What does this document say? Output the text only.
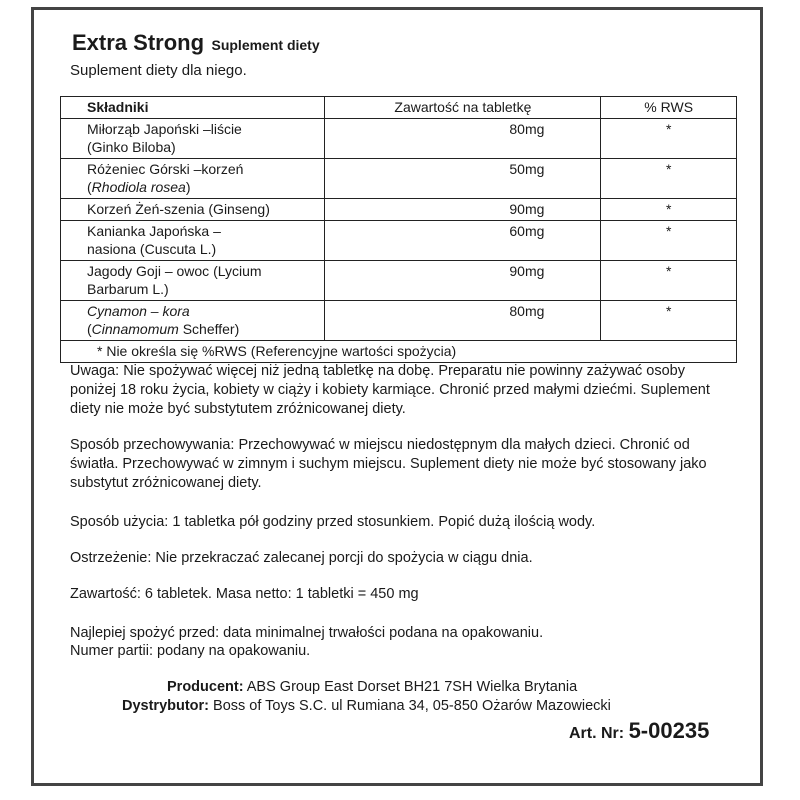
Extra Strong Suplement diety
Suplement diety dla niego.
Składniki	Zawartość na tabletkę	% RWS

Miłorząb Japoński –liście
(Ginko Biloba)	80mg	*

Różeniec Górski –korzeń
(Rhodiola rosea)	50mg	*

Korzeń Żeń-szenia (Ginseng)	90mg	*

Kanianka Japońska –
nasiona (Cuscuta L.)	60mg	*

Jagody Goji – owoc (Lycium
Barbarum L.)	90mg	*

Cynamon – kora
(Cinnamomum Scheffer)	80mg	*
* Nie określa się %RWS (Referencyjne wartości spożycia)		
Uwaga: Nie spożywać więcej niż jedną tabletkę na dobę. Preparatu nie powinny zażywać osoby poniżej 18 roku życia, kobiety w ciąży i kobiety karmiące. Chronić przed małymi dziećmi. Suplement diety nie może być substytutem zróżnicowanej diety.
Sposób przechowywania: Przechowywać w miejscu niedostępnym dla małych dzieci. Chronić od światła. Przechowywać w zimnym i suchym miejscu. Suplement diety nie może być stosowany jako substytut zróżnicowanej diety.
Sposób użycia: 1 tabletka pół godziny przed stosunkiem. Popić dużą ilością wody.
Ostrzeżenie: Nie przekraczać zalecanej porcji do spożycia w ciągu dnia.
Zawartość: 6 tabletek. Masa netto: 1 tabletki = 450 mg
Najlepiej spożyć przed: data minimalnej trwałości podana na opakowaniu.
Numer partii: podany na opakowaniu.
Producent: ABS Group East Dorset BH21 7SH Wielka Brytania
Dystrybutor: Boss of Toys S.C. ul Rumiana 34, 05-850 Ożarów Mazowiecki
Art. Nr: 5-00235
